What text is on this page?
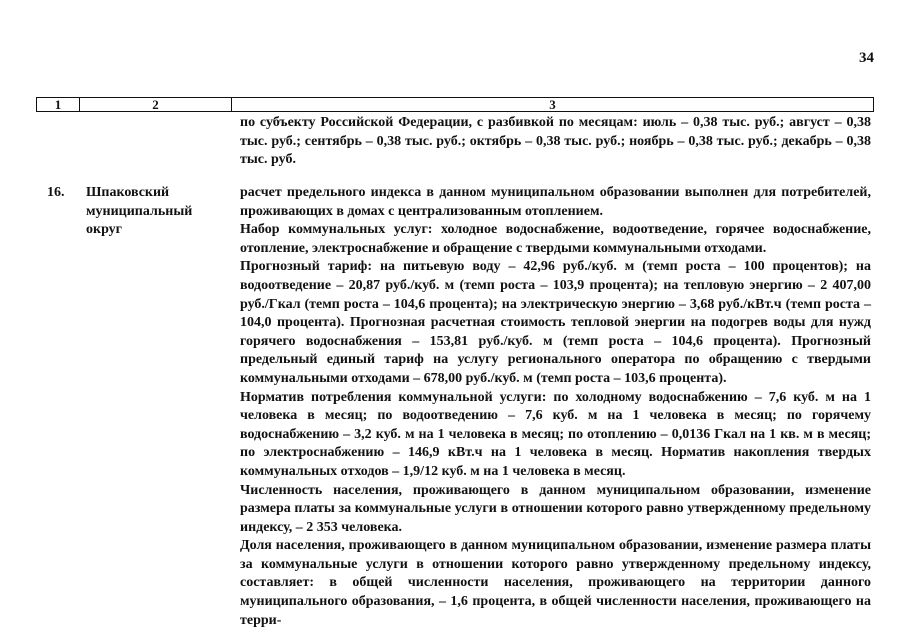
34
1	2	3

по субъекту Российской Федерации, с разбивкой по месяцам: июль – 0,38 тыс. руб.; август – 0,38 тыс. руб.; сентябрь – 0,38 тыс. руб.; октябрь – 0,38 тыс. руб.; ноябрь – 0,38 тыс. руб.; декабрь – 0,38 тыс. руб.

16. Шпаковский муниципальный округ

расчет предельного индекса в данном муниципальном образовании выполнен для потребителей, проживающих в домах с централизованным отоплением.

Набор коммунальных услуг: холодное водоснабжение, водоотведение, горячее водоснабжение, отопление, электроснабжение и обращение с твердыми коммунальными отходами.

Прогнозный тариф: на питьевую воду – 42,96 руб./куб. м (темп роста – 100 процентов); на водоотведение – 20,87 руб./куб. м (темп роста – 103,9 процента); на тепловую энергию – 2 407,00 руб./Гкал (темп роста – 104,6 процента); на электрическую энергию – 3,68 руб./кВт.ч (темп роста – 104,0 процента). Прогнозная расчетная стоимость тепловой энергии на подогрев воды для нужд горячего водоснабжения – 153,81 руб./куб. м (темп роста – 104,6 процента). Прогнозный предельный единый тариф на услугу регионального оператора по обращению с твердыми коммунальными отходами – 678,00 руб./куб. м (темп роста – 103,6 процента).

Норматив потребления коммунальной услуги: по холодному водоснабжению – 7,6 куб. м на 1 человека в месяц; по водоотведению – 7,6 куб. м на 1 человека в месяц; по горячему водоснабжению – 3,2 куб. м на 1 человека в месяц; по отоплению – 0,0136 Гкал на 1 кв. м в месяц; по электроснабжению – 146,9 кВт.ч на 1 человека в месяц. Норматив накопления твердых коммунальных отходов – 1,9/12 куб. м на 1 человека в месяц.

Численность населения, проживающего в данном муниципальном образовании, изменение размера платы за коммунальные услуги в отношении которого равно утвержденному предельному индексу, – 2 353 человека.

Доля населения, проживающего в данном муниципальном образовании, изменение размера платы за коммунальные услуги в отношении которого равно утвержденному предельному индексу, составляет: в общей численности населения, проживающего на территории данного муниципального образования, – 1,6 процента, в общей численности населения, проживающего на терри-
